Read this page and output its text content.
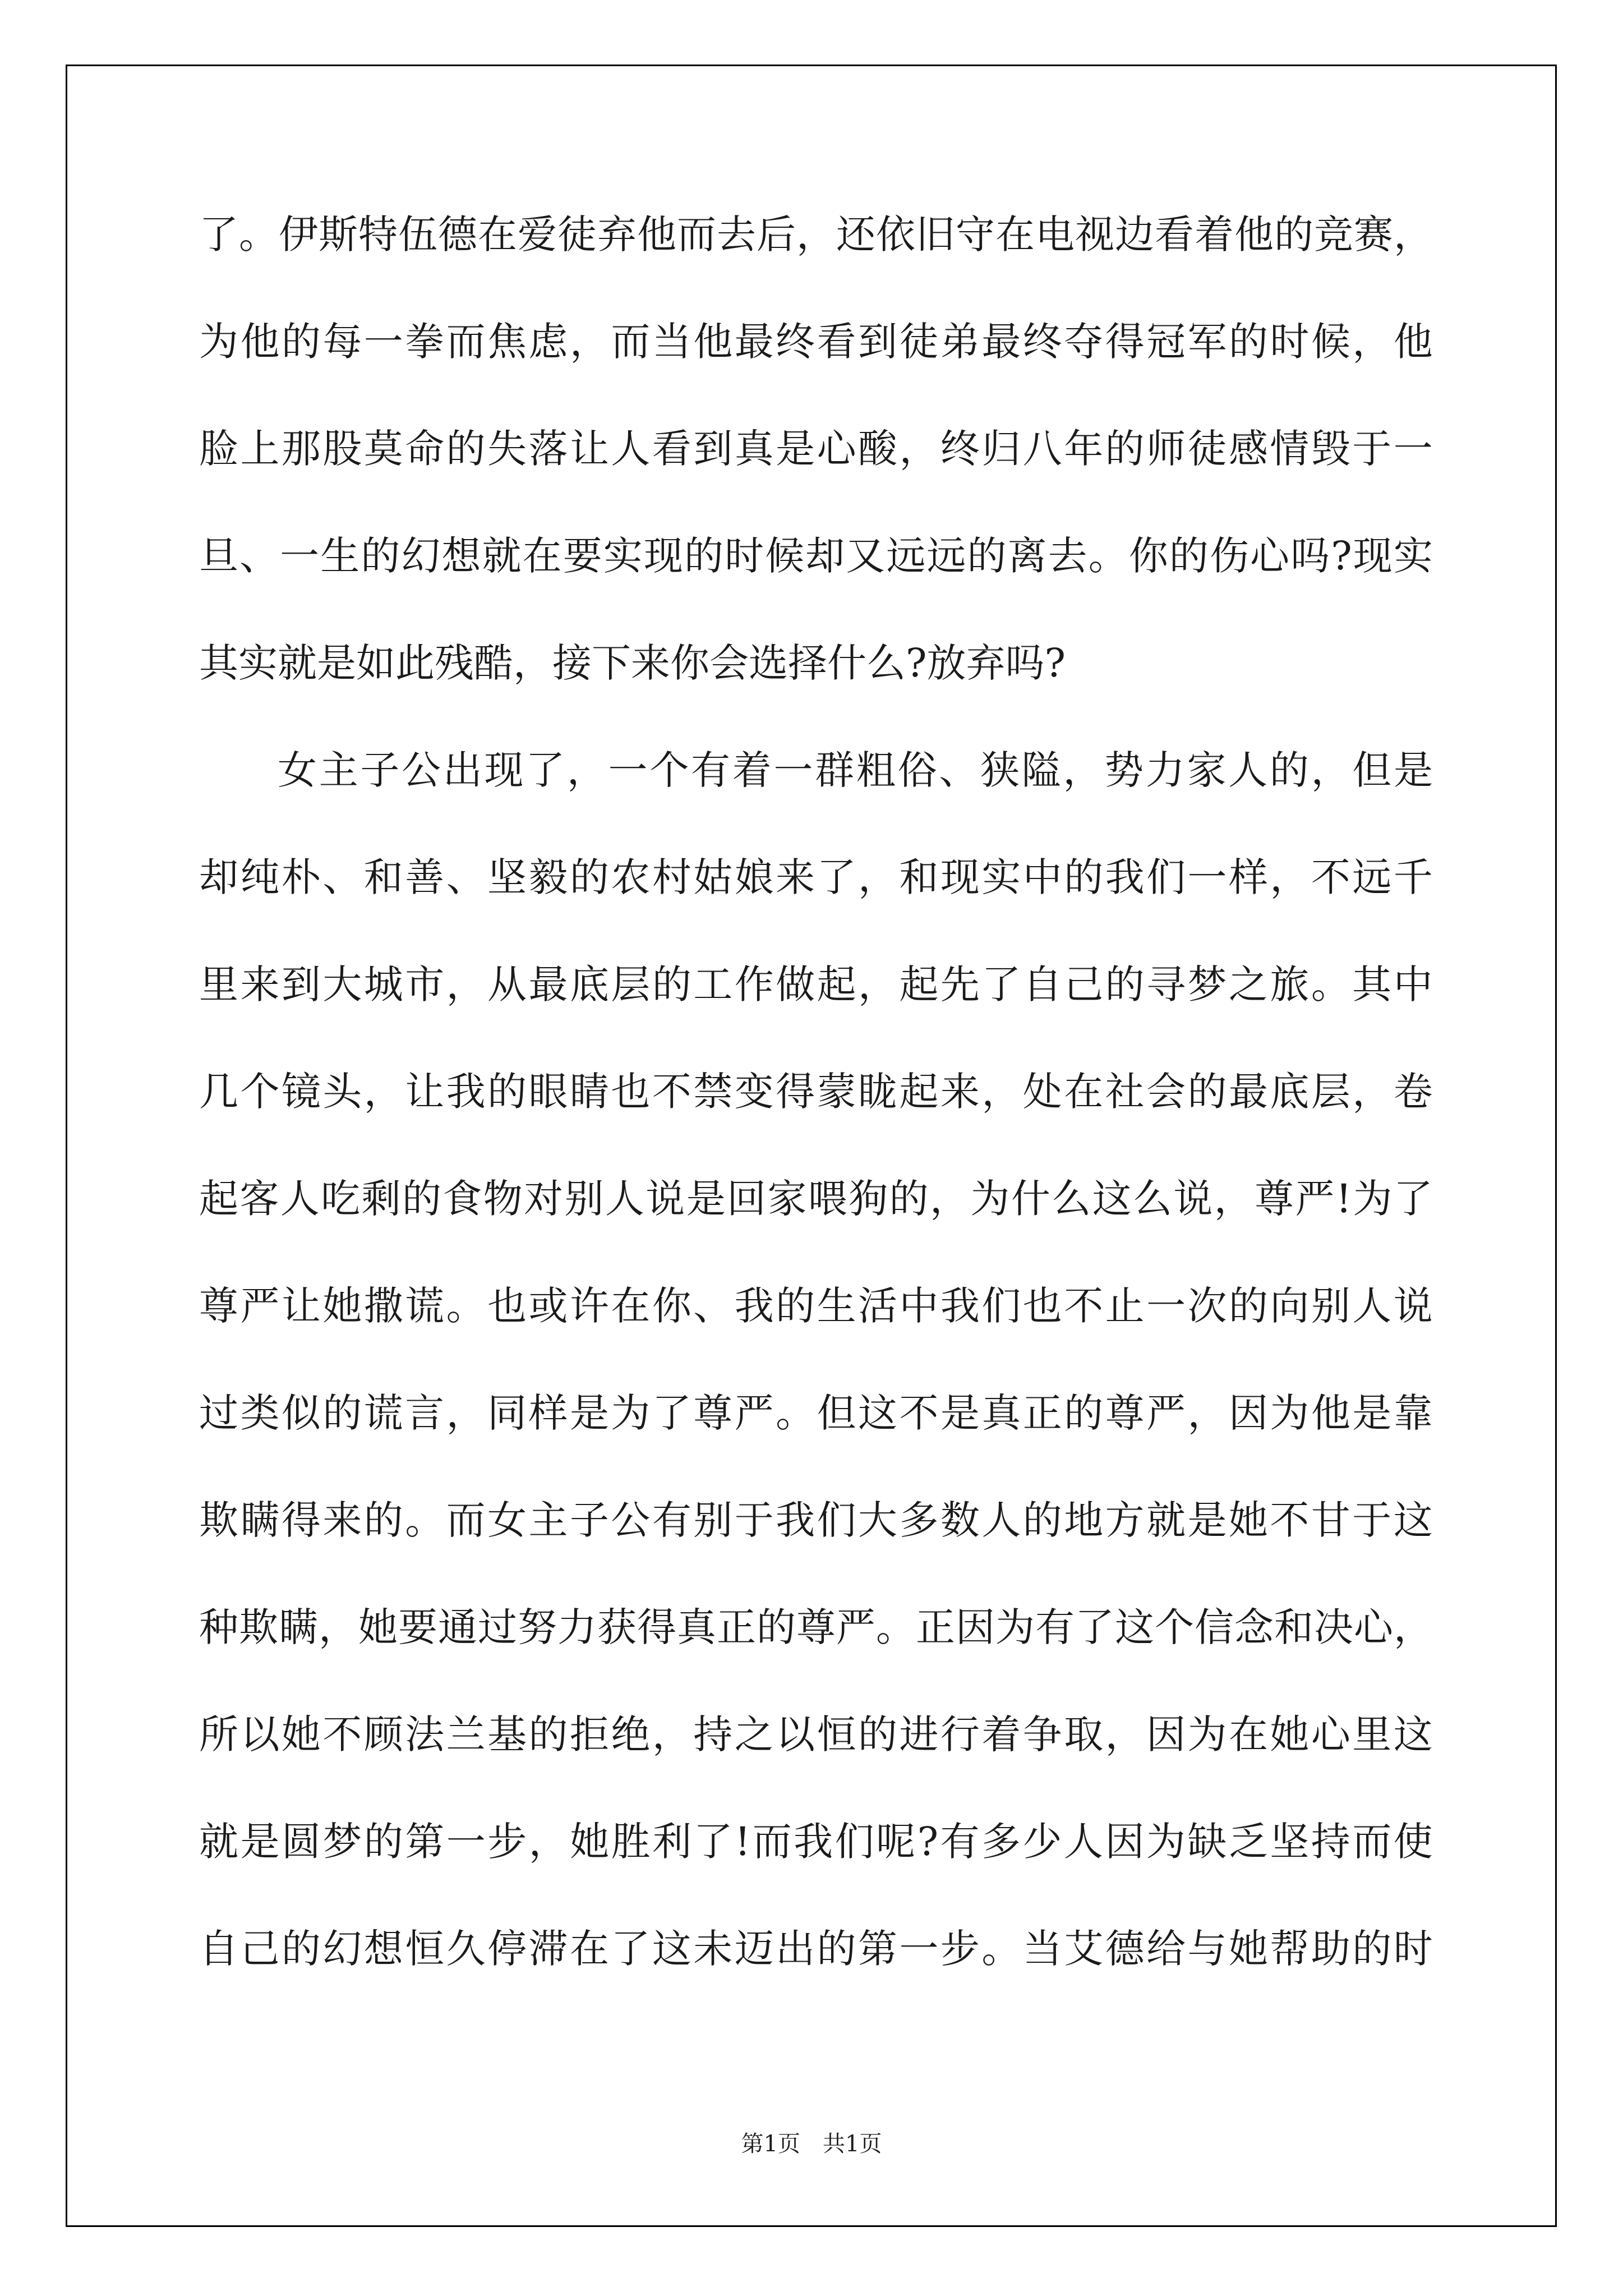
了 。 伊 斯 特 伍 德 在 爱 徒 弃 他 而 去 后 ， 还 依 旧 守 在 电 视 边 看 着 他 的 竞 赛 ，
为 他 的 每 一 拳 而 焦 虑 ， 而 当 他 最 终 看 到 徒 弟 最 终 夺 得 冠 军 的 时 候 ， 他
脸 上 那 股 莫 命 的 失 落 让 人 看 到 真 是 心 酸 ， 终 归 八 年 的 师 徒 感 情 毁 于 一
旦 、 一 生 的 幻 想 就 在 要 实 现 的 时 候 却 又 远 远 的 离 去 。 你 的 伤 心 吗 ? 现 实
其 实 就 是 如 此 残 酷 ， 接 下 来 你 会 选 择 什 么 ? 放 弃 吗 ?
女 主 子 公 出 现 了 ， 一 个 有 着 一 群 粗 俗 、 狭 隘 ， 势 力 家 人 的 ， 但 是
却 纯 朴 、 和 善 、 坚 毅 的 农 村 姑 娘 来 了 ， 和 现 实 中 的 我 们 一 样 ， 不 远 千
里 来 到 大 城 市 ， 从 最 底 层 的 工 作 做 起 ， 起 先 了 自 己 的 寻 梦 之 旅 。 其 中
几 个 镜 头 ， 让 我 的 眼 睛 也 不 禁 变 得 蒙 眬 起 来 ， 处 在 社 会 的 最 底 层 ， 卷
起 客 人 吃 剩 的 食 物 对 别 人 说 是 回 家 喂 狗 的 ， 为 什 么 这 么 说 ， 尊 严 ! 为 了
尊 严 让 她 撒 谎 。 也 或 许 在 你 、 我 的 生 活 中 我 们 也 不 止 一 次 的 向 别 人 说
过 类 似 的 谎 言 ， 同 样 是 为 了 尊 严 。 但 这 不 是 真 正 的 尊 严 ， 因 为 他 是 靠
欺 瞒 得 来 的 。 而 女 主 子 公 有 别 于 我 们 大 多 数 人 的 地 方 就 是 她 不 甘 于 这
种 欺 瞒 ， 她 要 通 过 努 力 获 得 真 正 的 尊 严 。 正 因 为 有 了 这 个 信 念 和 决 心 ，
所 以 她 不 顾 法 兰 基 的 拒 绝 ， 持 之 以 恒 的 进 行 着 争 取 ， 因 为 在 她 心 里 这
就 是 圆 梦 的 第 一 步 ， 她 胜 利 了 ! 而 我 们 呢 ? 有 多 少 人 因 为 缺 乏 坚 持 而 使
自 己 的 幻 想 恒 久 停 滞 在 了 这 未 迈 出 的 第 一 步 。 当 艾 德 给 与 她 帮 助 的 时
第1页 共1页
